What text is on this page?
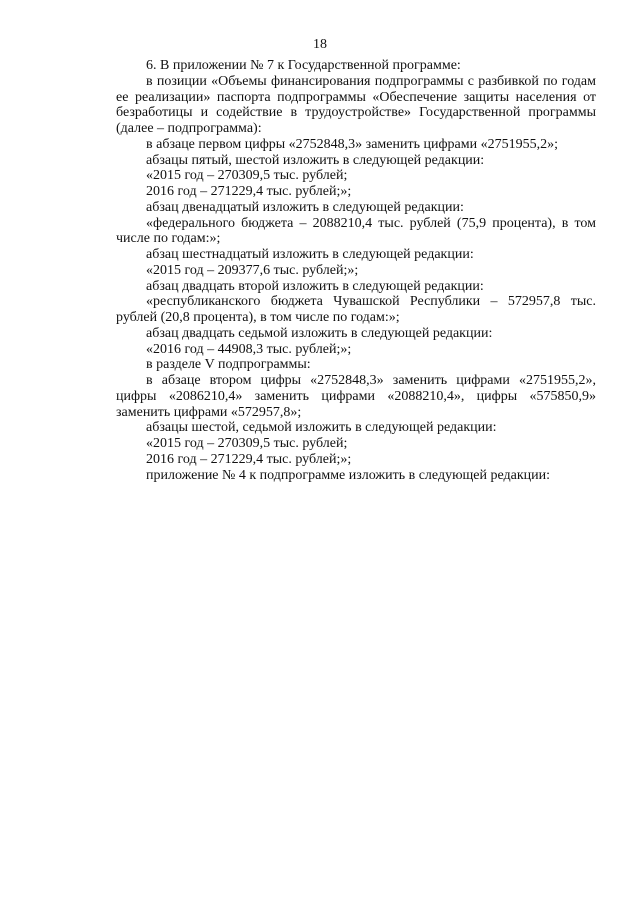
18

6. В приложении № 7 к Государственной программе:

в позиции «Объемы финансирования подпрограммы с разбивкой по годам ее реализации» паспорта подпрограммы «Обеспечение защиты населения от безработицы и содействие в трудоустройстве» Государственной программы (далее – подпрограмма):

в абзаце первом цифры «2752848,3» заменить цифрами «2751955,2»;

абзацы пятый, шестой изложить в следующей редакции:

«2015 год – 270309,5 тыс. рублей;

2016 год – 271229,4 тыс. рублей;»;

абзац двенадцатый изложить в следующей редакции:

«федерального бюджета – 2088210,4 тыс. рублей (75,9 процента), в том числе по годам:»;

абзац шестнадцатый изложить в следующей редакции:

«2015 год – 209377,6 тыс. рублей;»;

абзац двадцать второй изложить в следующей редакции:

«республиканского бюджета Чувашской Республики – 572957,8 тыс. рублей (20,8 процента), в том числе по годам:»;

абзац двадцать седьмой изложить в следующей редакции:

«2016 год – 44908,3 тыс. рублей;»;

в разделе V подпрограммы:

в абзаце втором цифры «2752848,3» заменить цифрами «2751955,2», цифры «2086210,4» заменить цифрами «2088210,4», цифры «575850,9» заменить цифрами «572957,8»;

абзацы шестой, седьмой изложить в следующей редакции:

«2015 год – 270309,5 тыс. рублей;

2016 год – 271229,4 тыс. рублей;»;

приложение № 4 к подпрограмме изложить в следующей редакции:
